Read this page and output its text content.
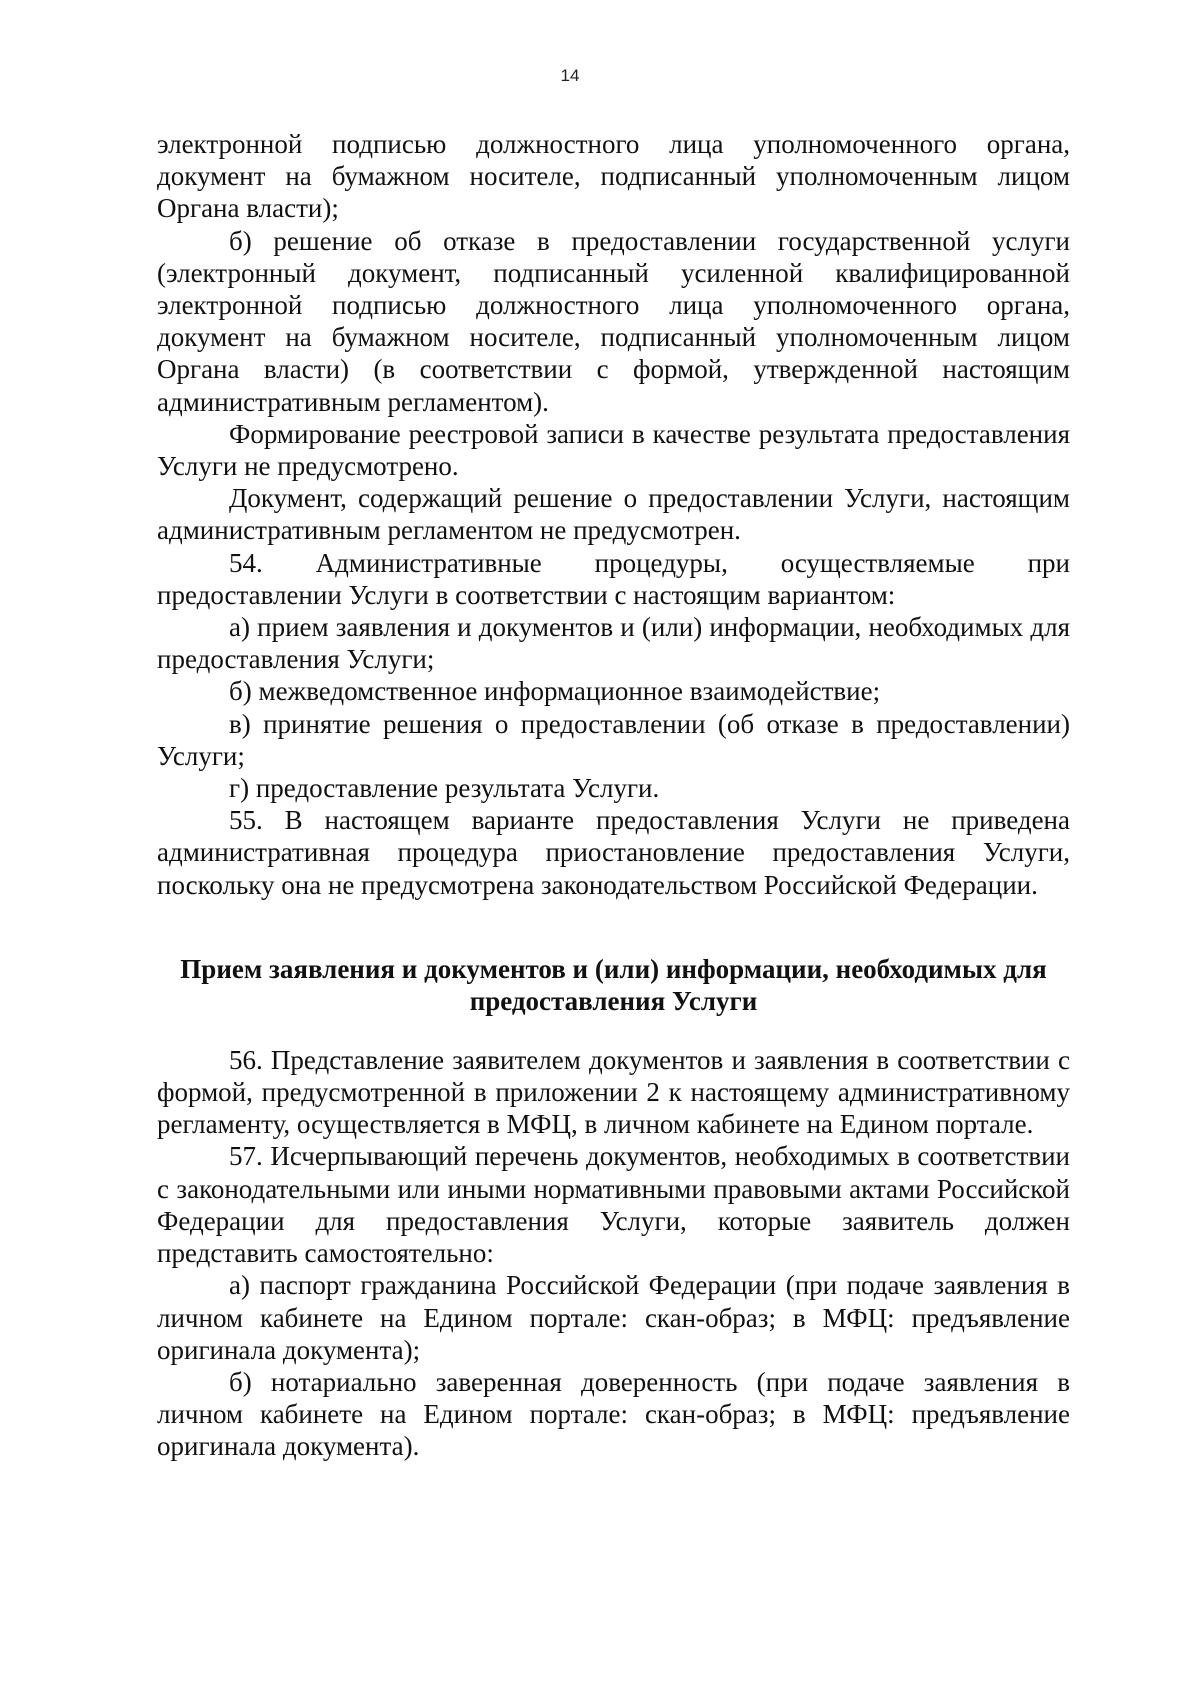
14

электронной подписью должностного лица уполномоченного органа, документ на бумажном носителе, подписанный уполномоченным лицом Органа власти);

б) решение об отказе в предоставлении государственной услуги (электронный документ, подписанный усиленной квалифицированной электронной подписью должностного лица уполномоченного органа, документ на бумажном носителе, подписанный уполномоченным лицом Органа власти) (в соответствии с формой, утвержденной настоящим административным регламентом).

Формирование реестровой записи в качестве результата предоставления Услуги не предусмотрено.

Документ, содержащий решение о предоставлении Услуги, настоящим административным регламентом не предусмотрен.

54. Административные процедуры, осуществляемые при предоставлении Услуги в соответствии с настоящим вариантом:

а) прием заявления и документов и (или) информации, необходимых для предоставления Услуги;

б) межведомственное информационное взаимодействие;

в) принятие решения о предоставлении (об отказе в предоставлении) Услуги;

г) предоставление результата Услуги.

55. В настоящем варианте предоставления Услуги не приведена административная процедура приостановление предоставления Услуги, поскольку она не предусмотрена законодательством Российской Федерации.

Прием заявления и документов и (или) информации, необходимых для предоставления Услуги

56. Представление заявителем документов и заявления в соответствии с формой, предусмотренной в приложении 2 к настоящему административному регламенту, осуществляется в МФЦ, в личном кабинете на Едином портале.

57. Исчерпывающий перечень документов, необходимых в соответствии с законодательными или иными нормативными правовыми актами Российской Федерации для предоставления Услуги, которые заявитель должен представить самостоятельно:

а) паспорт гражданина Российской Федерации (при подаче заявления в личном кабинете на Едином портале: скан-образ; в МФЦ: предъявление оригинала документа);

б) нотариально заверенная доверенность (при подаче заявления в личном кабинете на Едином портале: скан-образ; в МФЦ: предъявление оригинала документа).
